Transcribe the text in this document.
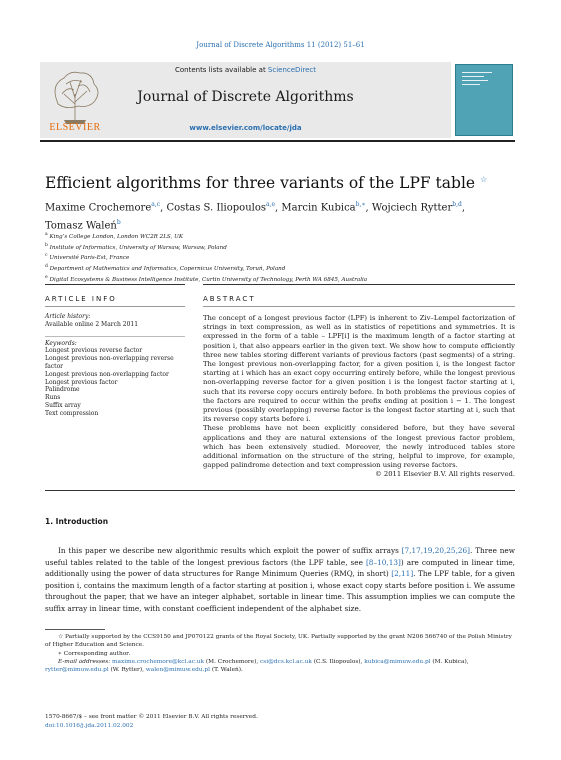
Journal of Discrete Algorithms 11 (2012) 51–61
ELSEVIER
Contents lists available at ScienceDirect
Journal of Discrete Algorithms
www.elsevier.com/locate/jda
Efficient algorithms for three variants of the LPF table ☆
Maxime Crochemore$^{a,c}$, Costas S. Iliopoulos$^{a,e}$, Marcin Kubica$^{b,∗}$, Wojciech Rytter$^{b,d}$,
Tomasz Waleń$^b$
$^a$ King’s College London, London WC2R 2LS, UK
$^b$ Institute of Informatics, University of Warsaw, Warsaw, Poland
$^c$ Université Paris-Est, France
$^d$ Department of Mathematics and Informatics, Copernicus University, Toruń, Poland
$^e$ Digital Ecosystems & Business Intelligence Institute, Curtin University of Technology, Perth WA 6845, Australia
ARTICLE INFO	ABSTRACT
Article history:
Available online 2 March 2011
Keywords:
Longest previous reverse factor
Longest previous non-overlapping reverse factor
Longest previous non-overlapping factor
Longest previous factor
Palindrome
Runs
Suffix array
Text compression

The concept of a longest previous factor (LPF) is inherent to Ziv–Lempel factorization of strings in text compression, as well as in statistics of repetitions and symmetries. It is expressed in the form of a table – LPF[i] is the maximum length of a factor starting at position i, that also appears earlier in the given text. We show how to compute efficiently three new tables storing different variants of previous factors (past segments) of a string. The longest previous non-overlapping factor, for a given position i, is the longest factor starting at i which has an exact copy occurring entirely before, while the longest previous non-overlapping reverse factor for a given position i is the longest factor starting at i, such that its reverse copy occurs entirely before. In both problems the previous copies of the factors are required to occur within the prefix ending at position i − 1. The longest previous (possibly overlapping) reverse factor is the longest factor starting at i, such that its reverse copy starts before i.

These problems have not been explicitly considered before, but they have several applications and they are natural extensions of the longest previous factor problem, which has been extensively studied. Moreover, the newly introduced tables store additional information on the structure of the string, helpful to improve, for example, gapped palindrome detection and text compression using reverse factors.

© 2011 Elsevier B.V. All rights reserved.

1. Introduction
In this paper we describe new algorithmic results which exploit the power of suffix arrays [7,17,19,20,25,26]. Three new useful tables related to the table of the longest previous factors (the LPF table, see [8–10,13]) are computed in linear time, additionally using the power of data structures for Range Minimum Queries (RMQ, in short) [2,11]. The LPF table, for a given position i, contains the maximum length of a factor starting at position i, whose exact copy starts before position i. We assume throughout the paper, that we have an integer alphabet, sortable in linear time. This assumption implies we can compute the suffix array in linear time, with constant coefficient independent of the alphabet size.

☆ Partially supported by the CCS9150 and JP070122 grants of the Royal Society, UK. Partially supported by the grant N206 566740 of the Polish Ministry of Higher Education and Science.

∗ Corresponding author.

E-mail addresses: maxime.crochemore@kcl.ac.uk (M. Crochemore), csi@dcs.kcl.ac.uk (C.S. Iliopoulos), kubica@mimuw.edu.pl (M. Kubica), rytter@mimuw.edu.pl (W. Rytter), walen@mimuw.edu.pl (T. Waleń).

1570-8667/$ – see front matter © 2011 Elsevier B.V. All rights reserved.
doi:10.1016/j.jda.2011.02.002
